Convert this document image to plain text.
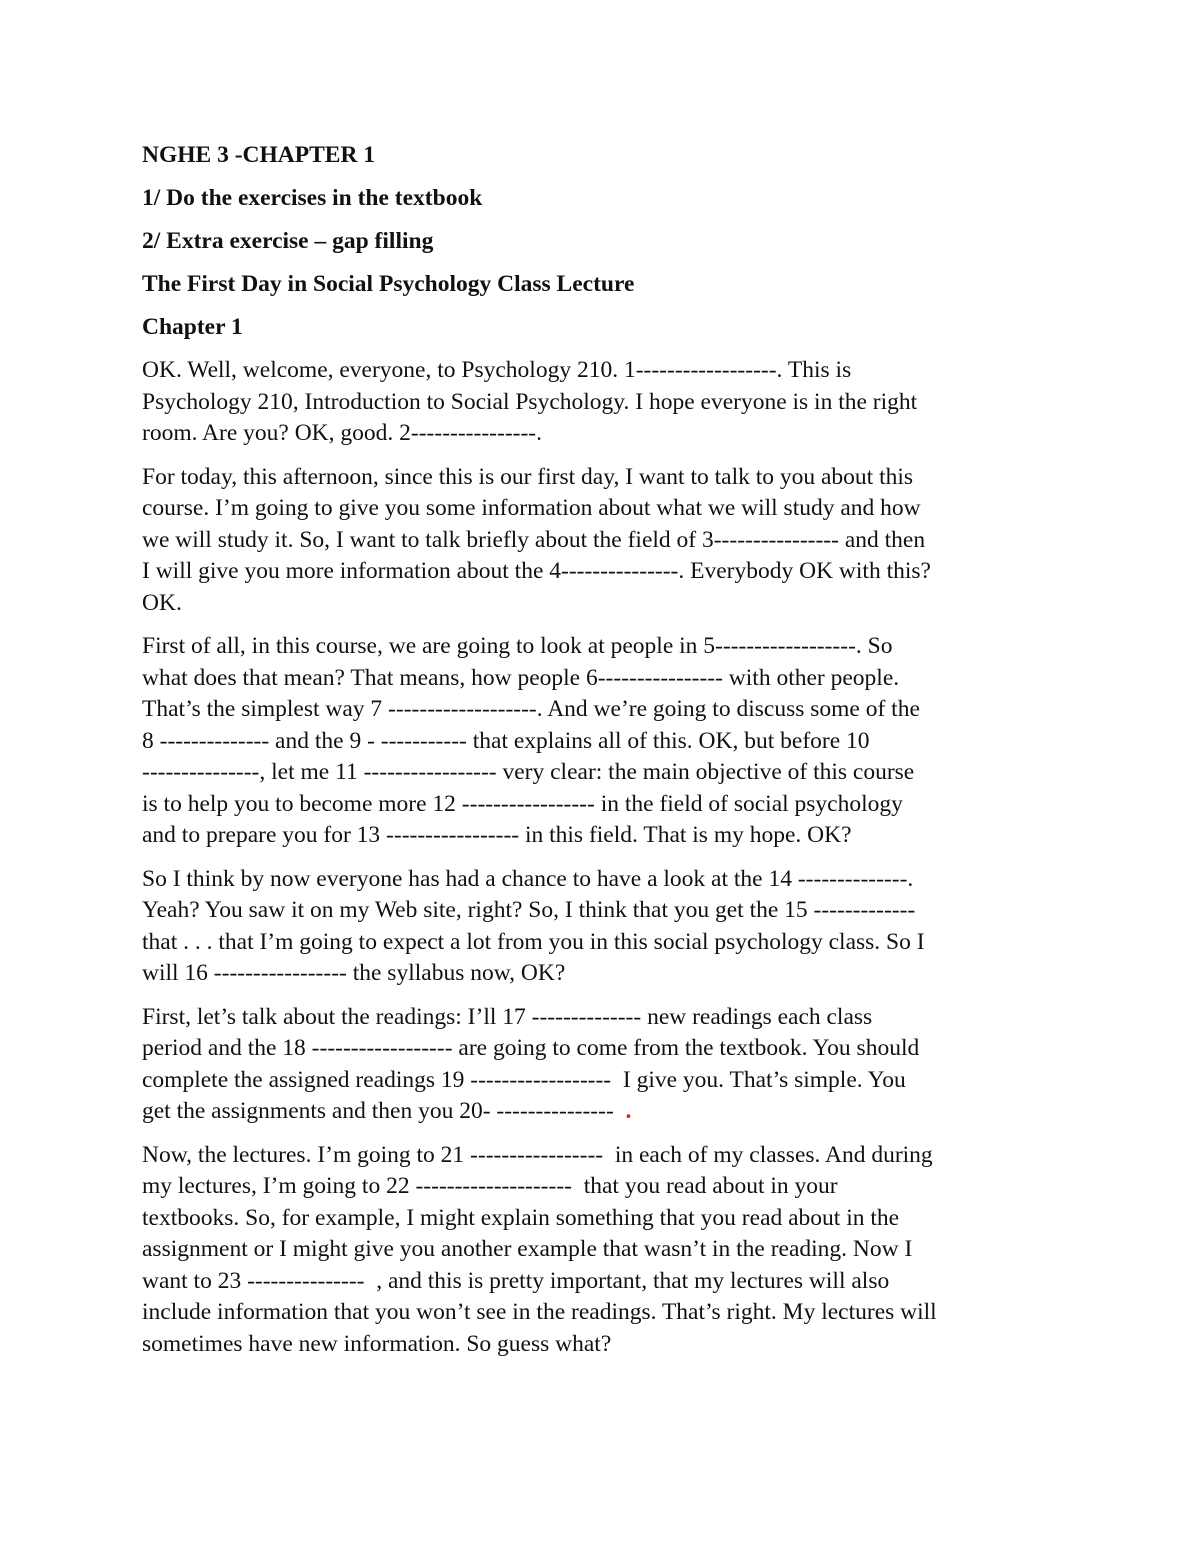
NGHE 3 -CHAPTER 1
1/ Do the exercises in the textbook
2/ Extra exercise – gap filling
The First Day in Social Psychology Class Lecture
Chapter 1
OK. Well, welcome, everyone, to Psychology 210. 1------------------. This is
Psychology 210, Introduction to Social Psychology. I hope everyone is in the right
room. Are you? OK, good. 2----------------.
For today, this afternoon, since this is our first day, I want to talk to you about this
course. I’m going to give you some information about what we will study and how
we will study it. So, I want to talk briefly about the field of 3---------------- and then
I will give you more information about the 4---------------. Everybody OK with this?
OK.
First of all, in this course, we are going to look at people in 5------------------. So
what does that mean? That means, how people 6---------------- with other people.
That’s the simplest way 7 -------------------. And we’re going to discuss some of the
8 -------------- and the 9 - ----------- that explains all of this. OK, but before 10
---------------, let me 11 ----------------- very clear: the main objective of this course
is to help you to become more 12 ----------------- in the field of social psychology
and to prepare you for 13 ----------------- in this field. That is my hope. OK?
So I think by now everyone has had a chance to have a look at the 14 --------------.
Yeah? You saw it on my Web site, right? So, I think that you get the 15 -------------
that . . . that I’m going to expect a lot from you in this social psychology class. So I
will 16 ----------------- the syllabus now, OK?
First, let’s talk about the readings: I’ll 17 -------------- new readings each class
period and the 18 ------------------ are going to come from the textbook. You should
complete the assigned readings 19 ------------------  I give you. That’s simple. You
get the assignments and then you 20- ---------------  .
Now, the lectures. I’m going to 21 -----------------  in each of my classes. And during
my lectures, I’m going to 22 --------------------  that you read about in your
textbooks. So, for example, I might explain something that you read about in the
assignment or I might give you another example that wasn’t in the reading. Now I
want to 23 ---------------  , and this is pretty important, that my lectures will also
include information that you won’t see in the readings. That’s right. My lectures will
sometimes have new information. So guess what?
